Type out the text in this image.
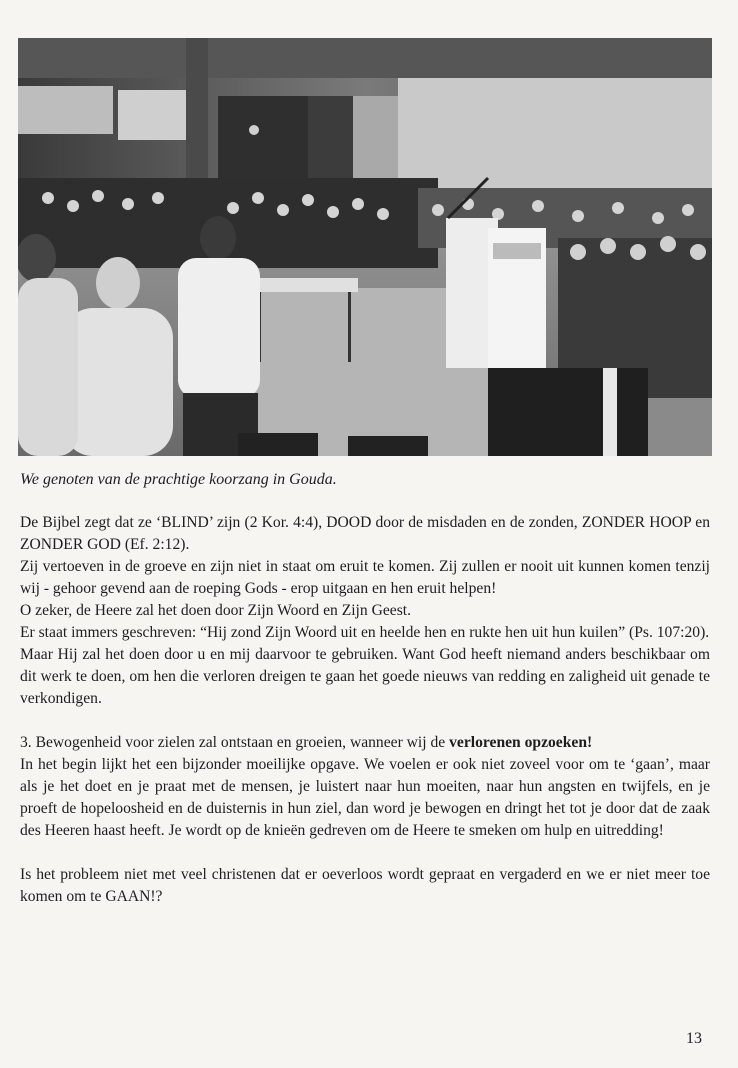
We genoten van de prachtige koorzang in Gouda.

De Bijbel zegt dat ze ‘BLIND’ zijn (2 Kor. 4:4), DOOD door de misdaden en de zonden, ZONDER HOOP en ZONDER GOD (Ef. 2:12).

Zij vertoeven in de groeve en zijn niet in staat om eruit te komen. Zij zullen er nooit uit kunnen komen tenzij wij - gehoor gevend aan de roeping Gods - erop uitgaan en hen eruit helpen!

O zeker, de Heere zal het doen door Zijn Woord en Zijn Geest.

Er staat immers geschreven: “Hij zond Zijn Woord uit en heelde hen en rukte hen uit hun kuilen” (Ps. 107:20).

Maar Hij zal het doen door u en mij daarvoor te gebruiken. Want God heeft niemand anders beschikbaar om dit werk te doen, om hen die verloren dreigen te gaan het goede nieuws van redding en zaligheid uit genade te verkondigen.

3. Bewogenheid voor zielen zal ontstaan en groeien, wanneer wij de verlorenen opzoeken!

In het begin lijkt het een bijzonder moeilijke opgave. We voelen er ook niet zoveel voor om te ‘gaan’, maar als je het doet en je praat met de mensen, je luistert naar hun moeiten, naar hun angsten en twijfels, en je proeft de hopeloosheid en de duisternis in hun ziel, dan word je bewogen en dringt het tot je door dat de zaak des Heeren haast heeft. Je wordt op de knieën gedreven om de Heere te smeken om hulp en uitredding!

Is het probleem niet met veel christenen dat er oeverloos wordt gepraat en vergaderd en we er niet meer toe komen om te GAAN!?

13
